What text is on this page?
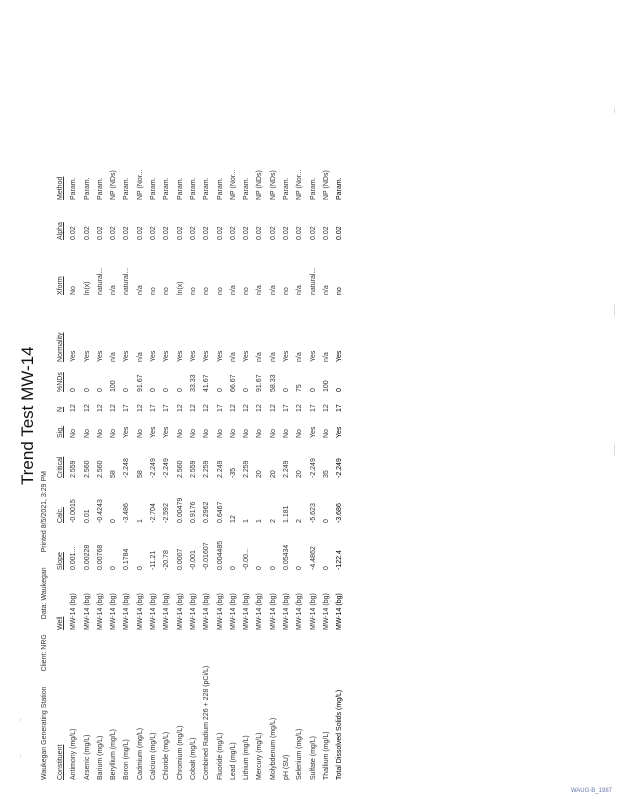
Trend Test MW-14
Waukegan Generating Station Client: NRG Data: Waukegan Printed 8/5/2021, 3:29 PM
Constituent	Well	Slope	Calc.	Critical	Sig.	N	%NDs	Normality	Xform	Alpha	Method
Antimony (mg/L)	MW-14 (bg)	0.001...	-0.0015	2.559	No	12	0	Yes	No	0.02	Param.
Arsenic (mg/L)	MW-14 (bg)	0.00228	0.01	2.560	No	12	0	Yes	ln(x)	0.02	Param.
Barium (mg/L)	MW-14 (bg)	0.00768	-0.4243	2.560	No	12	0	Yes	natural...	0.02	Param.
Beryllium (mg/L)	MW-14 (bg)	0	0	58	No	12	100	n/a	n/a	0.02	NP (NDs)
Boron (mg/L)	MW-14 (bg)	0.1784	-3.486	-2.248	Yes	17	0	Yes	natural...	0.02	Param.
Cadmium (mg/L)	MW-14 (bg)	0	1	58	No	12	91.67	n/a	n/a	0.02	NP (Nor...
Calcium (mg/L)	MW-14 (bg)	-11.21	-2.704	-2.249	Yes	17	0	Yes	no	0.02	Param.
Chloride (mg/L)	MW-14 (bg)	-20.78	-2.592	-2.249	Yes	17	0	Yes	no	0.02	Param.
Chromium (mg/L)	MW-14 (bg)	0.0007	0.00479	2.560	No	12	0	Yes	ln(x)	0.02	Param.
Cobalt (mg/L)	MW-14 (bg)	-0.001	0.9176	2.559	No	12	33.33	Yes	no	0.02	Param.
Combined Radium 226 + 228 (pCi/L)	MW-14 (bg)	-0.01607	0.2962	2.259	No	12	41.67	Yes	no	0.02	Param.
Fluoride (mg/L)	MW-14 (bg)	0.004485	0.6467	2.249	No	17	0	Yes	no	0.02	Param.
Lead (mg/L)	MW-14 (bg)	0	12	-35	No	12	66.67	n/a	n/a	0.02	NP (Nor...
Lithium (mg/L)	MW-14 (bg)	-0.00...	1	2.259	No	12	0	Yes	no	0.02	Param.
Mercury (mg/L)	MW-14 (bg)	0	1	20	No	12	91.67	n/a	n/a	0.02	NP (NDs)
Molybdenum (mg/L)	MW-14 (bg)	0	2	20	No	12	58.33	n/a	n/a	0.02	NP (NDs)
pH (SU)	MW-14 (bg)	0.05434	1.181	2.249	No	17	0	Yes	no	0.02	Param.
Selenium (mg/L)	MW-14 (bg)	0	2	20	No	12	75	n/a	n/a	0.02	NP (Nor...
Sulfate (mg/L)	MW-14 (bg)	-4.4862	-5.623	-2.249	Yes	17	0	Yes	natural...	0.02	Param.
Thallium (mg/L)	MW-14 (bg)	0	0	35	No	12	100	n/a	n/a	0.02	NP (NDs)
Total Dissolved Solids (mg/L)	MW-14 (bg)	-122.4	-3.686	-2.249	Yes	17	0	Yes	no	0.02	Param.
WAUG-B_1987
